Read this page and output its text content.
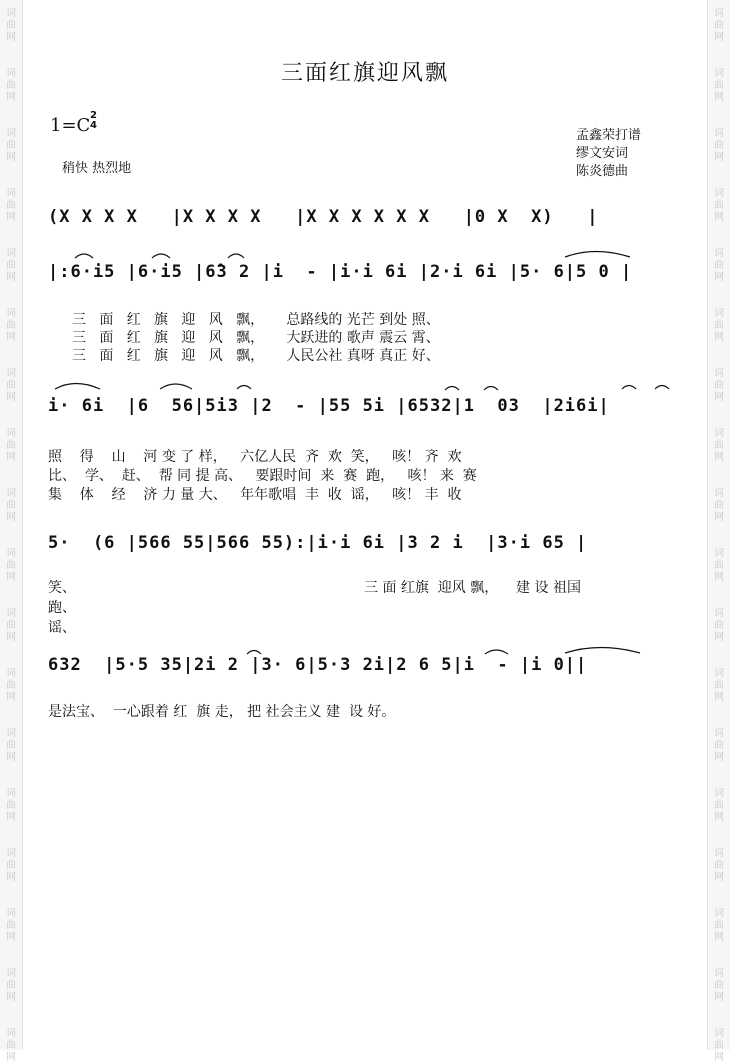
词
曲
网
词
曲
网
词
曲
网
词
曲
网
词
曲
网
词
曲
网
词
曲
网
词
曲
网
词
曲
网
词
曲
网
词
曲
网
词
曲
网
词
曲
网
词
曲
网
词
曲
网
词
曲
网
词
曲
网
词
曲
网
词
曲
网
词
曲
网
词
曲
网
词
曲
网
词
曲
网
词
曲
网
词
曲
网
词
曲
网
词
曲
网
词
曲
网
词
曲
网
词
曲
网
词
曲
网
词
曲
网
词
曲
网
词
曲
网
词
曲
网
词
曲
网
三面红旗迎风飘
1=C 2
4
孟鑫荣打谱
缪文安词
陈炎德曲
稍快 热烈地
(X X X X   |X X X X   |X X X X X X   |0 X  X)   |
|:6·i5 |6·i5 |6̂3 2 |i  - |i·i 6i |2·i 6i |5· 6|5 0 |
三   面   红   旗   迎   风   飘，     总路线的 光芒 到处 照、
三   面   红   旗   迎   风   飘，     大跃进的 歌声 震云 霄、
三   面   红   旗   迎   风   飘，     人民公社 真呀 真正 好、
i· 6i  |6  56|5i3 |2  - |55 5i |6532|1  03  |2i6i|
照    得    山    河 变 了 样，   六亿人民  齐  欢  笑，   咳！ 齐  欢
比、  学、  赶、  帮 同 提 高、   要跟时间  来  赛  跑，   咳！ 来  赛
集    体    经    济 力 量 大、   年年歌唱  丰  收  谣，   咳！ 丰  收
5·  (6 |566 55|566 55):|i·i 6i |3 2 i  |3·i 65 |
笑、
跑、
谣、
三 面 红旗  迎风 飘，    建 设 祖国
632  |5·5 35|2i 2 |3· 6|5·3 2i|2 6 5|i  - |i 0||
是法宝、  一心跟着 红  旗 走， 把 社会主义 建  设 好。
